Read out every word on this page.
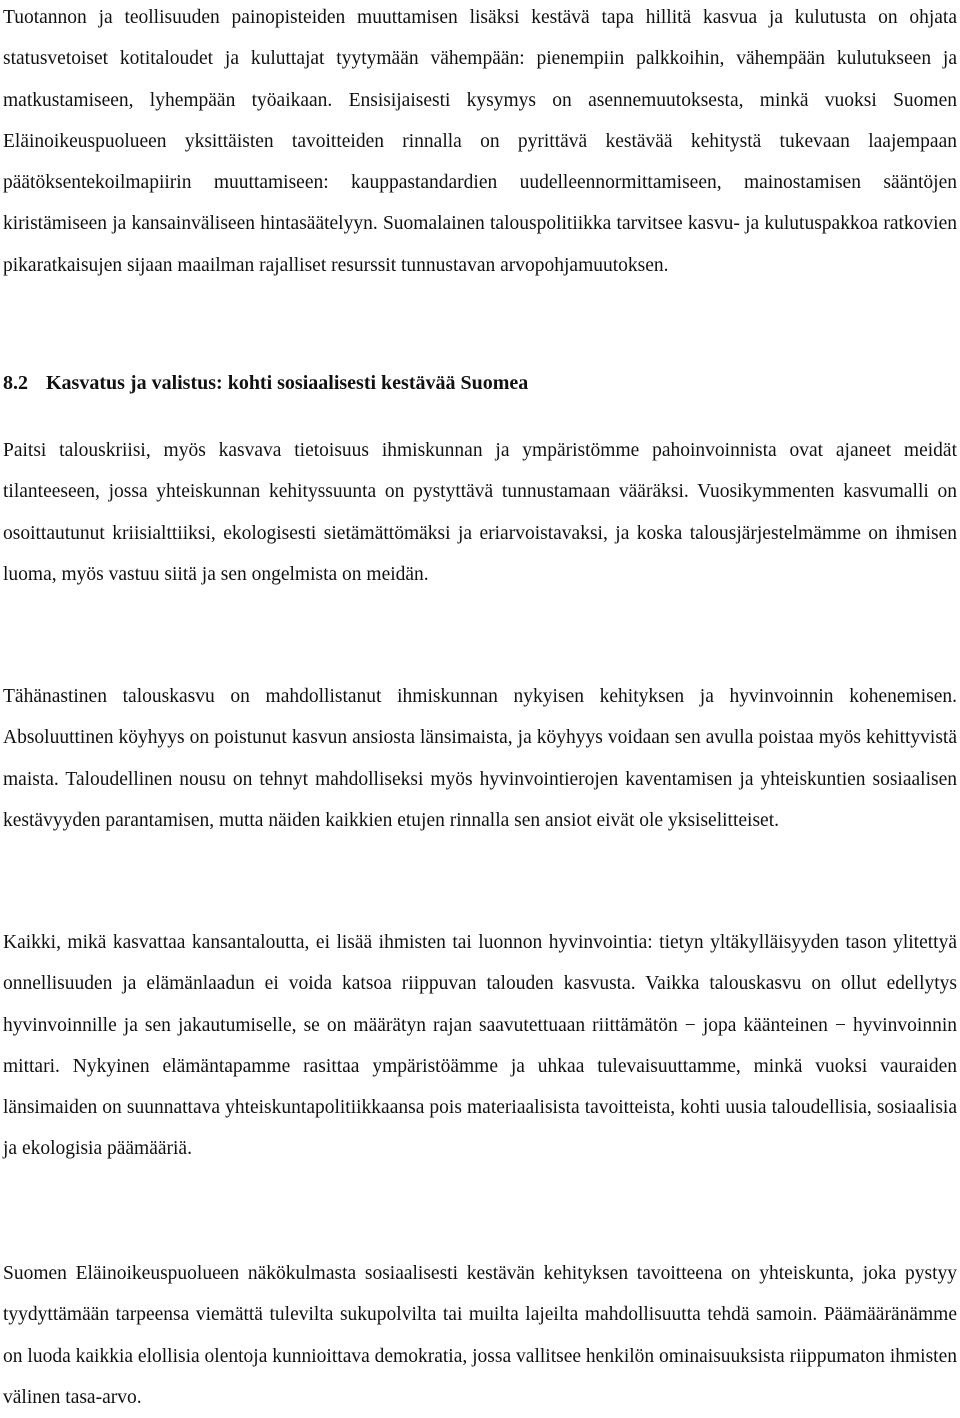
Tuotannon ja teollisuuden painopisteiden muuttamisen lisäksi kestävä tapa hillitä kasvua ja kulutusta on ohjata statusvetoiset kotitaloudet ja kuluttajat tyytymään vähempään: pienempiin palkkoihin, vähempään kulutukseen ja matkustamiseen, lyhempään työaikaan. Ensisijaisesti kysymys on asennemuutoksesta, minkä vuoksi Suomen Eläinoikeuspuolueen yksittäisten tavoitteiden rinnalla on pyrittävä kestävää kehitystä tukevaan laajempaan päätöksentekoilmapiirin muuttamiseen: kauppastandardien uudelleennormittamiseen, mainostamisen sääntöjen kiristämiseen ja kansainväliseen hintasäätelyyn. Suomalainen talouspolitiikka tarvitsee kasvu- ja kulutuspakkoa ratkovien pikaratkaisujen sijaan maailman rajalliset resurssit tunnustavan arvopohjamuutoksen.

8.2 Kasvatus ja valistus: kohti sosiaalisesti kestävää Suomea

Paitsi talouskriisi, myös kasvava tietoisuus ihmiskunnan ja ympäristömme pahoinvoinnista ovat ajaneet meidät tilanteeseen, jossa yhteiskunnan kehityssuunta on pystyttävä tunnustamaan vääräksi. Vuosikymmenten kasvumalli on osoittautunut kriisialttiiksi, ekologisesti sietämättömäksi ja eriarvoistavaksi, ja koska talousjärjestelmämme on ihmisen luoma, myös vastuu siitä ja sen ongelmista on meidän.

Tähänastinen talouskasvu on mahdollistanut ihmiskunnan nykyisen kehityksen ja hyvinvoinnin kohenemisen. Absoluuttinen köyhyys on poistunut kasvun ansiosta länsimaista, ja köyhyys voidaan sen avulla poistaa myös kehittyvistä maista. Taloudellinen nousu on tehnyt mahdolliseksi myös hyvinvointierojen kaventamisen ja yhteiskuntien sosiaalisen kestävyyden parantamisen, mutta näiden kaikkien etujen rinnalla sen ansiot eivät ole yksiselitteiset.

Kaikki, mikä kasvattaa kansantaloutta, ei lisää ihmisten tai luonnon hyvinvointia: tietyn yltäkylläisyyden tason ylitettyä onnellisuuden ja elämänlaadun ei voida katsoa riippuvan talouden kasvusta. Vaikka talouskasvu on ollut edellytys hyvinvoinnille ja sen jakautumiselle, se on määrätyn rajan saavutettuaan riittämätön − jopa käänteinen − hyvinvoinnin mittari. Nykyinen elämäntapamme rasittaa ympäristöämme ja uhkaa tulevaisuuttamme, minkä vuoksi vauraiden länsimaiden on suunnattava yhteiskuntapolitiikkaansa pois materiaalisista tavoitteista, kohti uusia taloudellisia, sosiaalisia ja ekologisia päämääriä.

Suomen Eläinoikeuspuolueen näkökulmasta sosiaalisesti kestävän kehityksen tavoitteena on yhteiskunta, joka pystyy tyydyttämään tarpeensa viemättä tulevilta sukupolvilta tai muilta lajeilta mahdollisuutta tehdä samoin. Päämääränämme on luoda kaikkia elollisia olentoja kunnioittava demokratia, jossa vallitsee henkilön ominaisuuksista riippumaton ihmisten välinen tasa-arvo.
